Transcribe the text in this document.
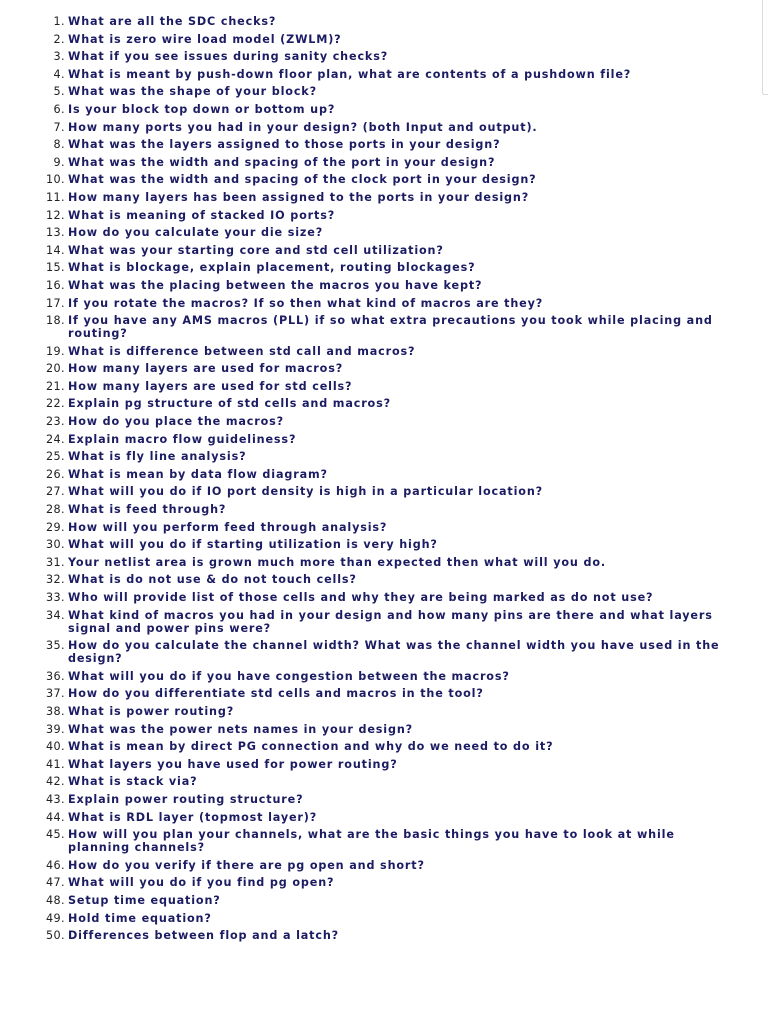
1. What are all the SDC checks?
2. What is zero wire load model (ZWLM)?
3. What if you see issues during sanity checks?
4. What is meant by push-down floor plan, what are contents of a pushdown file?
5. What was the shape of your block?
6. Is your block top down or bottom up?
7. How many ports you had in your design? (both Input and output).
8. What was the layers assigned to those ports in your design?
9. What was the width and spacing of the port in your design?
10. What was the width and spacing of the clock port in your design?
11. How many layers has been assigned to the ports in your design?
12. What is meaning of stacked IO ports?
13. How do you calculate your die size?
14. What was your starting core and std cell utilization?
15. What is blockage, explain placement, routing blockages?
16. What was the placing between the macros you have kept?
17. If you rotate the macros? If so then what kind of macros are they?
18. If you have any AMS macros (PLL) if so what extra precautions you took while placing and routing?
19. What is difference between std call and macros?
20. How many layers are used for macros?
21. How many layers are used for std cells?
22. Explain pg structure of std cells and macros?
23. How do you place the macros?
24. Explain macro flow guideliness?
25. What is fly line analysis?
26. What is mean by data flow diagram?
27. What will you do if IO port density is high in a particular location?
28. What is feed through?
29. How will you perform feed through analysis?
30. What will you do if starting utilization is very high?
31. Your netlist area is grown much more than expected then what will you do.
32. What is do not use & do not touch cells?
33. Who will provide list of those cells and why they are being marked as do not use?
34. What kind of macros you had in your design and how many pins are there and what layers signal and power pins were?
35. How do you calculate the channel width? What was the channel width you have used in the design?
36. What will you do if you have congestion between the macros?
37. How do you differentiate std cells and macros in the tool?
38. What is power routing?
39. What was the power nets names in your design?
40. What is mean by direct PG connection and why do we need to do it?
41. What layers you have used for power routing?
42. What is stack via?
43. Explain power routing structure?
44. What is RDL layer (topmost layer)?
45. How will you plan your channels, what are the basic things you have to look at while planning channels?
46. How do you verify if there are pg open and short?
47. What will you do if you find pg open?
48. Setup time equation?
49. Hold time equation?
50. Differences between flop and a latch?
